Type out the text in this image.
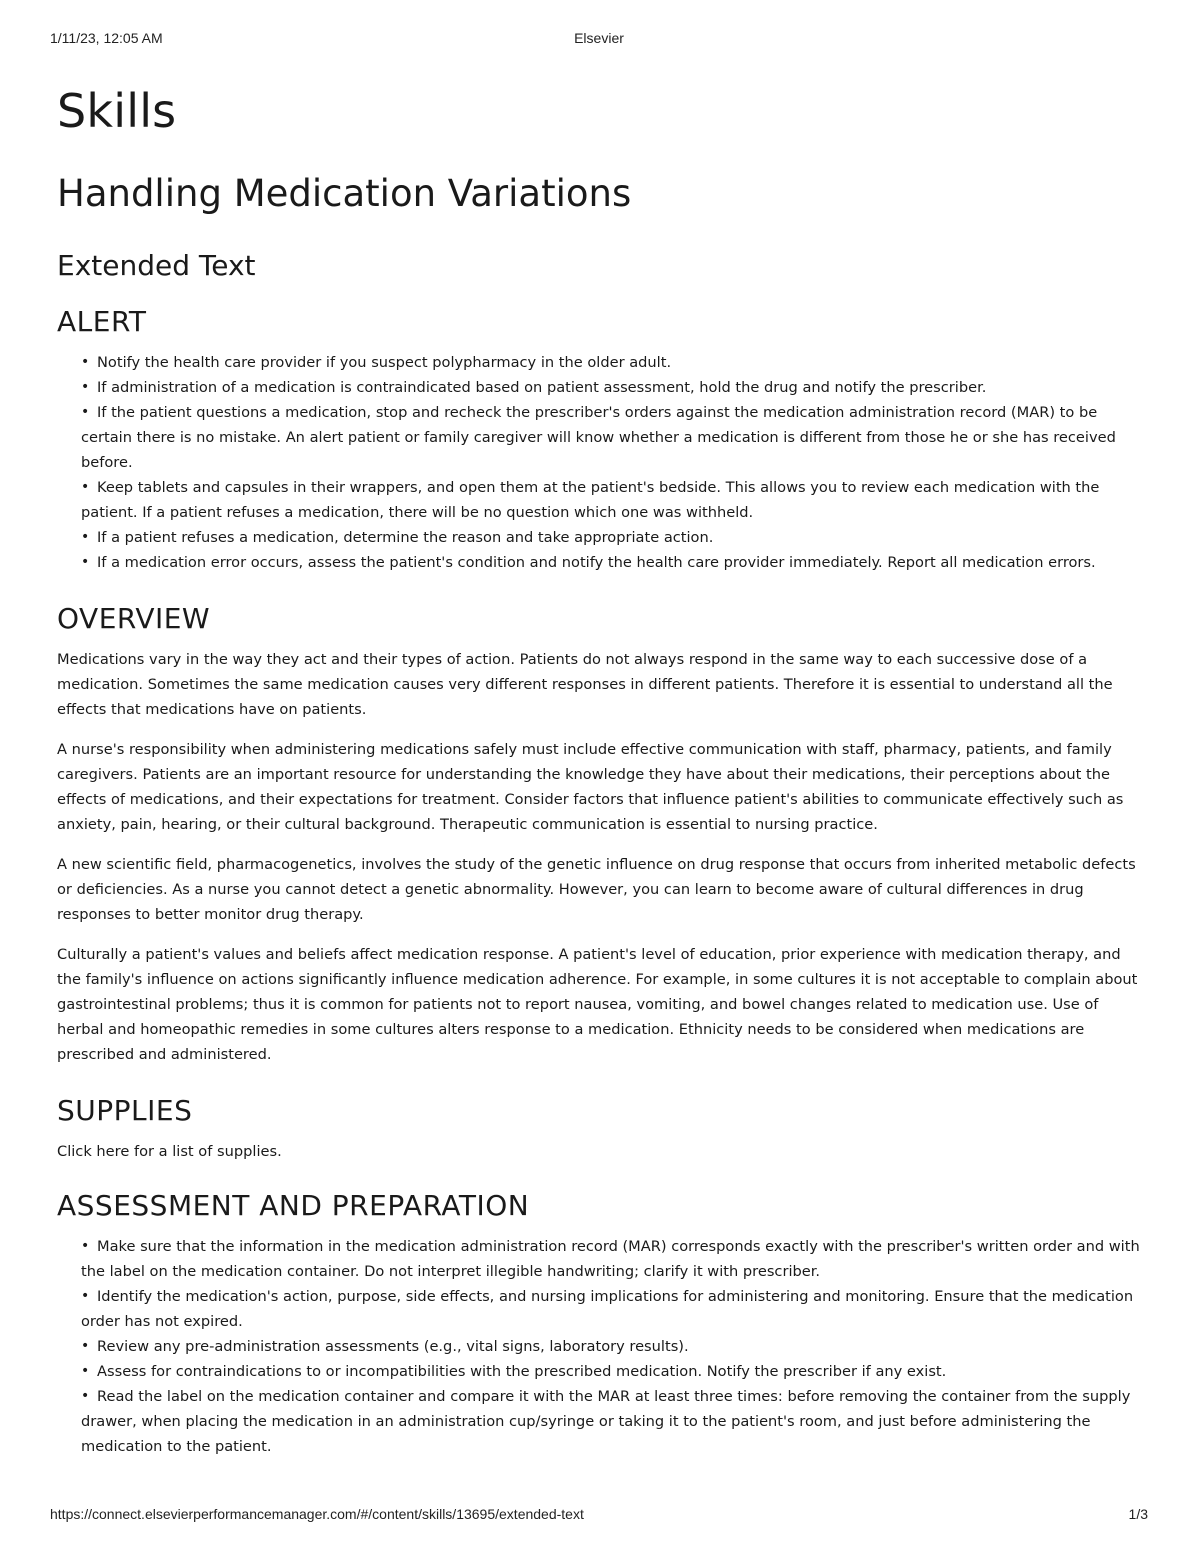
1/11/23, 12:05 AM	Elsevier
Skills
Handling Medication Variations
Extended Text
ALERT
• Notify the health care provider if you suspect polypharmacy in the older adult.
• If administration of a medication is contraindicated based on patient assessment, hold the drug and notify the prescriber.
• If the patient questions a medication, stop and recheck the prescriber's orders against the medication administration record (MAR) to be certain there is no mistake. An alert patient or family caregiver will know whether a medication is different from those he or she has received before.
• Keep tablets and capsules in their wrappers, and open them at the patient's bedside. This allows you to review each medication with the patient. If a patient refuses a medication, there will be no question which one was withheld.
• If a patient refuses a medication, determine the reason and take appropriate action.
• If a medication error occurs, assess the patient's condition and notify the health care provider immediately. Report all medication errors.
OVERVIEW

Medications vary in the way they act and their types of action. Patients do not always respond in the same way to each successive dose of a medication. Sometimes the same medication causes very different responses in different patients. Therefore it is essential to understand all the effects that medications have on patients.

A nurse's responsibility when administering medications safely must include effective communication with staff, pharmacy, patients, and family caregivers. Patients are an important resource for understanding the knowledge they have about their medications, their perceptions about the effects of medications, and their expectations for treatment. Consider factors that influence patient's abilities to communicate effectively such as anxiety, pain, hearing, or their cultural background. Therapeutic communication is essential to nursing practice.

A new scientific field, pharmacogenetics, involves the study of the genetic influence on drug response that occurs from inherited metabolic defects or deficiencies. As a nurse you cannot detect a genetic abnormality. However, you can learn to become aware of cultural differences in drug responses to better monitor drug therapy.

Culturally a patient's values and beliefs affect medication response. A patient's level of education, prior experience with medication therapy, and the family's influence on actions significantly influence medication adherence. For example, in some cultures it is not acceptable to complain about gastrointestinal problems; thus it is common for patients not to report nausea, vomiting, and bowel changes related to medication use. Use of herbal and homeopathic remedies in some cultures alters response to a medication. Ethnicity needs to be considered when medications are prescribed and administered.

SUPPLIES

Click here for a list of supplies.

ASSESSMENT AND PREPARATION
• Make sure that the information in the medication administration record (MAR) corresponds exactly with the prescriber's written order and with the label on the medication container. Do not interpret illegible handwriting; clarify it with prescriber.
• Identify the medication's action, purpose, side effects, and nursing implications for administering and monitoring. Ensure that the medication order has not expired.
• Review any pre-administration assessments (e.g., vital signs, laboratory results).
• Assess for contraindications to or incompatibilities with the prescribed medication. Notify the prescriber if any exist.
• Read the label on the medication container and compare it with the MAR at least three times: before removing the container from the supply drawer, when placing the medication in an administration cup/syringe or taking it to the patient's room, and just before administering the medication to the patient.
https://connect.elsevierperformancemanager.com/#/content/skills/13695/extended-text	1/3
